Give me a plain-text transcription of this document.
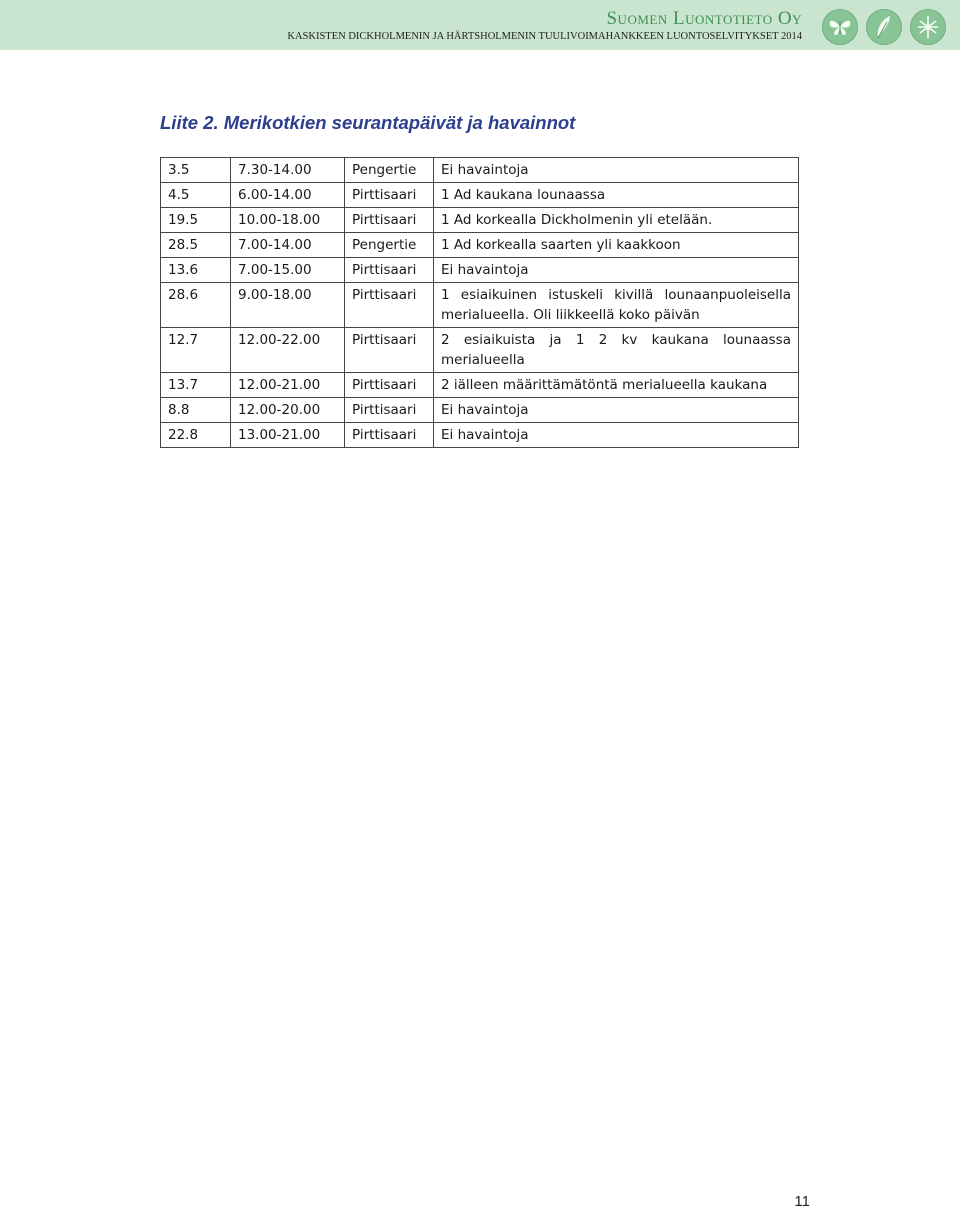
Suomen Luontotieto Oy
KASKISTEN DICKHOLMENIN JA HÄRTSHOLMENIN TUULIVOIMAHANKKEEN LUONTOSELVITYKSET 2014
Liite 2. Merikotkien seurantapäivät ja havainnot
3.5	7.30-14.00	Pengertie	Ei havaintoja
4.5	6.00-14.00	Pirttisaari	1 Ad kaukana lounaassa
19.5	10.00-18.00	Pirttisaari	1 Ad korkealla Dickholmenin yli etelään.
28.5	7.00-14.00	Pengertie	1 Ad korkealla saarten yli kaakkoon
13.6	7.00-15.00	Pirttisaari	Ei havaintoja
28.6	9.00-18.00	Pirttisaari	1 esiaikuinen istuskeli kivillä lounaanpuoleisella merialueella. Oli liikkeellä koko päivän
12.7	12.00-22.00	Pirttisaari	2 esiaikuista ja 1 2 kv kaukana lounaassa merialueella
13.7	12.00-21.00	Pirttisaari	2 iälleen määrittämätöntä merialueella kaukana
8.8	12.00-20.00	Pirttisaari	Ei havaintoja
22.8	13.00-21.00	Pirttisaari	Ei havaintoja
11
